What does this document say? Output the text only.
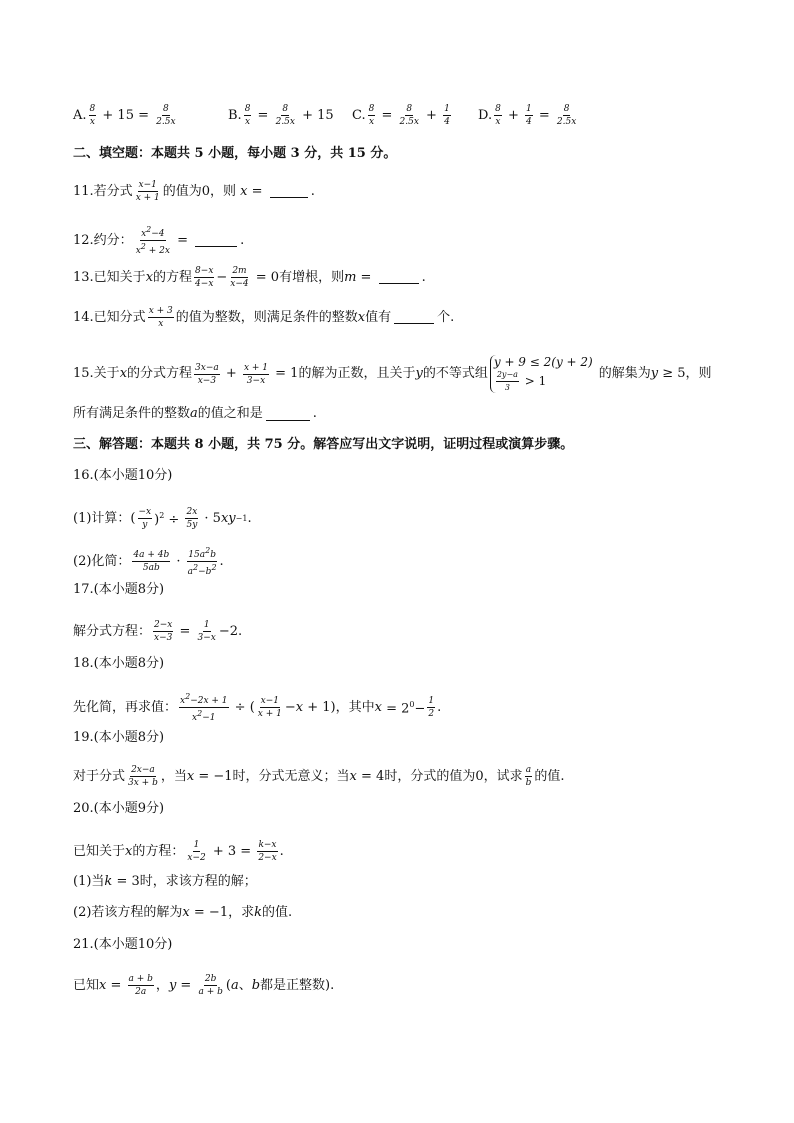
A. $\frac{8}{x} + 15 = \frac{8}{2.5x}$	B. $\frac{8}{x} = \frac{8}{2.5x} + 15$ C. $\frac{8}{x} = \frac{8}{2.5x} + \frac{1}{4} D$. $\frac{8}{x} + \frac{1}{4} = \frac{8}{2.5x}$
二、填空题：本题共 5 小题，每小题 3 分，共 15 分。
11.若分式 $\frac{x-1}{x + 1}$ 的值为0，则 x =	.
12.约分： $\frac{x^2-4}{x^2 + 2x}$ =	.
13.已知关于 x 的方程 $\frac{8-x}{4-x} - \frac{2m}{x-4} = 0$ 有增根，则 m =	.
14.已知分式 $\frac{x + 3}{x}$ 的值为整数，则满足条件的整数 x 值有	个.
15.关于 x 的分式方程 $\frac{3x-a}{x-3} + \frac{x + 1}{3-x} = 1$ 的解为正数，且关于 y 的不等式组
y + 9 ≤ 2(y + 2)
$\frac{2y-a}{3} > 1$	的解集为 y ≥ 5 ，则
所有满足条件的整数 a 的值之和是	.
三、解答题：本题共 8 小题，共 75 分。解答应写出文字说明，证明过程或演算步骤。
16.(本小题10分)
(1)计算： ( $\frac{-x}{y} )^2 \div \frac{2x}{5y} \cdot 5$ xy −1 .
(2)化简： $\frac{4a + 4b}{5ab} \cdot \frac{15a^2b}{a^2-b^2}$ .
17.(本小题8分)
解分式方程： $\frac{2-x}{x-3} = \frac{1}{3-x} -2$.
18.(本小题8分)
先化简，再求值： $\frac{x^2-2x + 1}{x^2-1}$ ÷ ( $\frac{x-1}{x + 1} - x + 1$) ，其中 $x = 2^0- \frac{1}{2}$ .
19.(本小题8分)
对于分式 $\frac{2x-a}{3x + b}$ ，当 x = −1 时，分式无意义；当 x = 4 时，分式的值为0，试求 $\frac{a}{b}$ 的值.
20.(本小题9分)
已知关于 x 的方程： $\frac{1}{x-2} + 3 = \frac{k-x}{2-x}$ .
(1)当 k = 3 时，求该方程的解；
(2)若该方程的解为 x = −1 ，求 k 的值.
21.(本小题10分)
已知 $x = \frac{a + b}{2a}$ ， $y = \frac{2b}{a + b}$ ( a 、 b 都是正整数).
